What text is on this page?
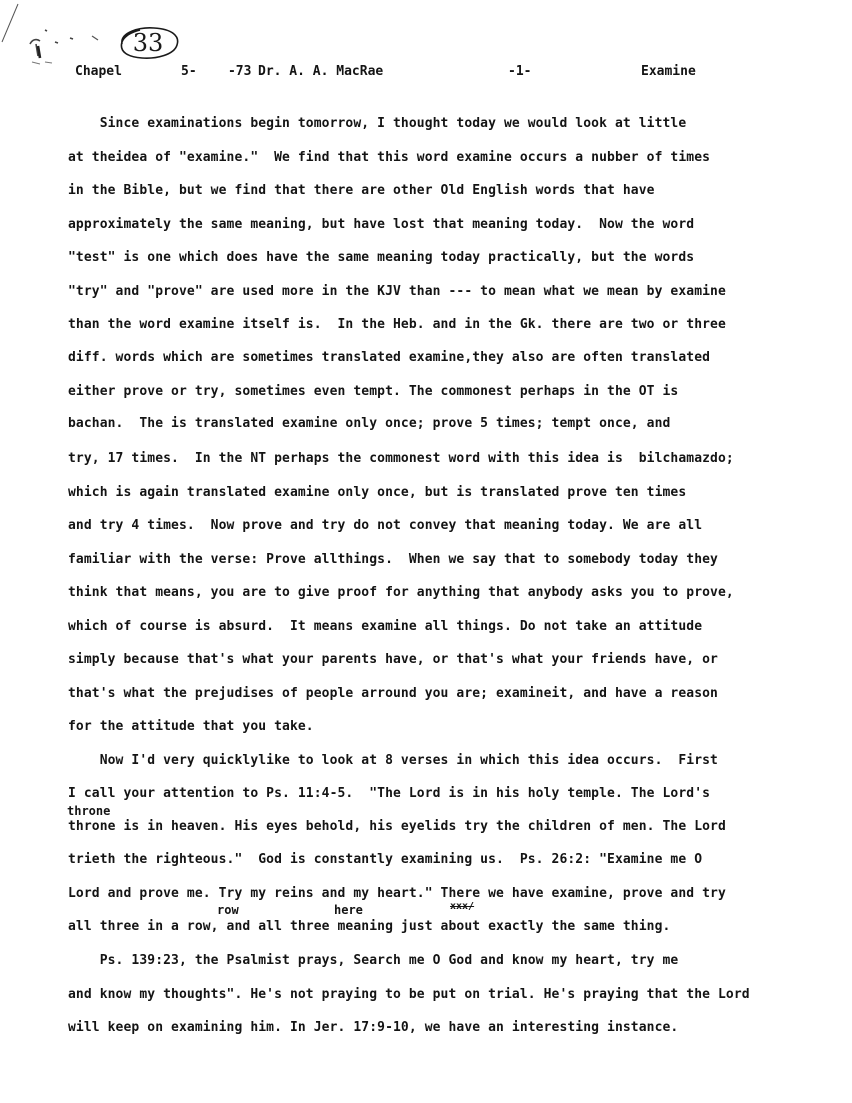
33

Chapel

	5-    -73

Dr. A. A. MacRae

	-1-

	Examine

Since examinations begin tomorrow, I thought today we would look at little
at theidea of "examine."  We find that this word examine occurs a nubber of times
in the Bible, but we find that there are other Old English words that have
approximately the same meaning, but have lost that meaning today.  Now the word
"test" is one which does have the same meaning today practically, but the words
"try" and "prove" are used more in the KJV than --- to mean what we mean by examine
than the word examine itself is.  In the Heb. and in the Gk. there are two or three
diff. words which are sometimes translated examine,they also are often translated
either prove or try, sometimes even tempt. The commonest perhaps in the OT is
bachan.  The is translated examine only once; prove 5 times; tempt once, and
try, 17 times.  In the NT perhaps the commonest word with this idea is  bilchamazdo;
which is again translated examine only once, but is translated prove ten times
and try 4 times.  Now prove and try do not convey that meaning today. We are all
familiar with the verse: Prove allthings.  When we say that to somebody today they
think that means, you are to give proof for anything that anybody asks you to prove,
which of course is absurd.  It means examine all things. Do not take an attitude
simply because that's what your parents have, or that's what your friends have, or
that's what the prejudises of people arround you are; examineit, and have a reason
for the attitude that you take.
Now I'd very quicklylike to look at 8 verses in which this idea occurs.  First
I call your attention to Ps. 11:4-5.  "The Lord is in his holy temple. The Lord's
throne is in heaven. His eyes behold, his eyelids try the children of men. The Lord
trieth the righteous."  God is constantly examining us.  Ps. 26:2: "Examine me O
Lord and prove me. Try my reins and my heart." There we have examine, prove and try
all three in a row, and all three meaning just about exactly the same thing.
Ps. 139:23, the Psalmist prays, Search me O God and know my heart, try me
and know my thoughts". He's not praying to be put on trial. He's praying that the Lord
will keep on examining him. In Jer. 17:9-10, we have an interesting instance.
throne
xxx/
row	here
